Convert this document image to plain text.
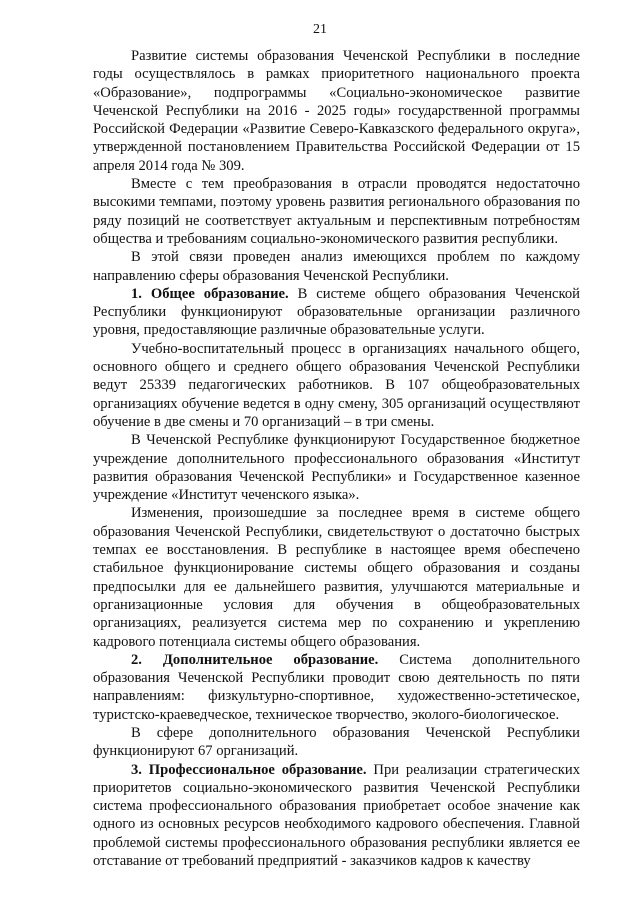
21

Развитие системы образования Чеченской Республики в последние годы осуществлялось в рамках приоритетного национального проекта «Образование», подпрограммы «Социально-экономическое развитие Чеченской Республики на 2016 - 2025 годы» государственной программы Российской Федерации «Развитие Северо-Кавказского федерального округа», утвержденной постановлением Правительства Российской Федерации от 15 апреля 2014 года № 309.

Вместе с тем преобразования в отрасли проводятся недостаточно высокими темпами, поэтому уровень развития регионального образования по ряду позиций не соответствует актуальным и перспективным потребностям общества и требованиям социально-экономического развития республики.

В этой связи проведен анализ имеющихся проблем по каждому направлению сферы образования Чеченской Республики.

1. Общее образование. В системе общего образования Чеченской Республики функционируют образовательные организации различного уровня, предоставляющие различные образовательные услуги.

Учебно-воспитательный процесс в организациях начального общего, основного общего и среднего общего образования Чеченской Республики ведут 25339 педагогических работников. В 107 общеобразовательных организациях обучение ведется в одну смену, 305 организаций осуществляют обучение в две смены и 70 организаций – в три смены.

В Чеченской Республике функционируют Государственное бюджетное учреждение дополнительного профессионального образования «Институт развития образования Чеченской Республики» и Государственное казенное учреждение «Институт чеченского языка».

Изменения, произошедшие за последнее время в системе общего образования Чеченской Республики, свидетельствуют о достаточно быстрых темпах ее восстановления. В республике в настоящее время обеспечено стабильное функционирование системы общего образования и созданы предпосылки для ее дальнейшего развития, улучшаются материальные и организационные условия для обучения в общеобразовательных организациях, реализуется система мер по сохранению и укреплению кадрового потенциала системы общего образования.

2. Дополнительное образование. Система дополнительного образования Чеченской Республики проводит свою деятельность по пяти направлениям: физкультурно-спортивное, художественно-эстетическое, туристско-краеведческое, техническое творчество, эколого-биологическое.

В сфере дополнительного образования Чеченской Республики функционируют 67 организаций.

3. Профессиональное образование. При реализации стратегических приоритетов социально-экономического развития Чеченской Республики система профессионального образования приобретает особое значение как одного из основных ресурсов необходимого кадрового обеспечения. Главной проблемой системы профессионального образования республики является ее отставание от требований предприятий - заказчиков кадров к качеству
